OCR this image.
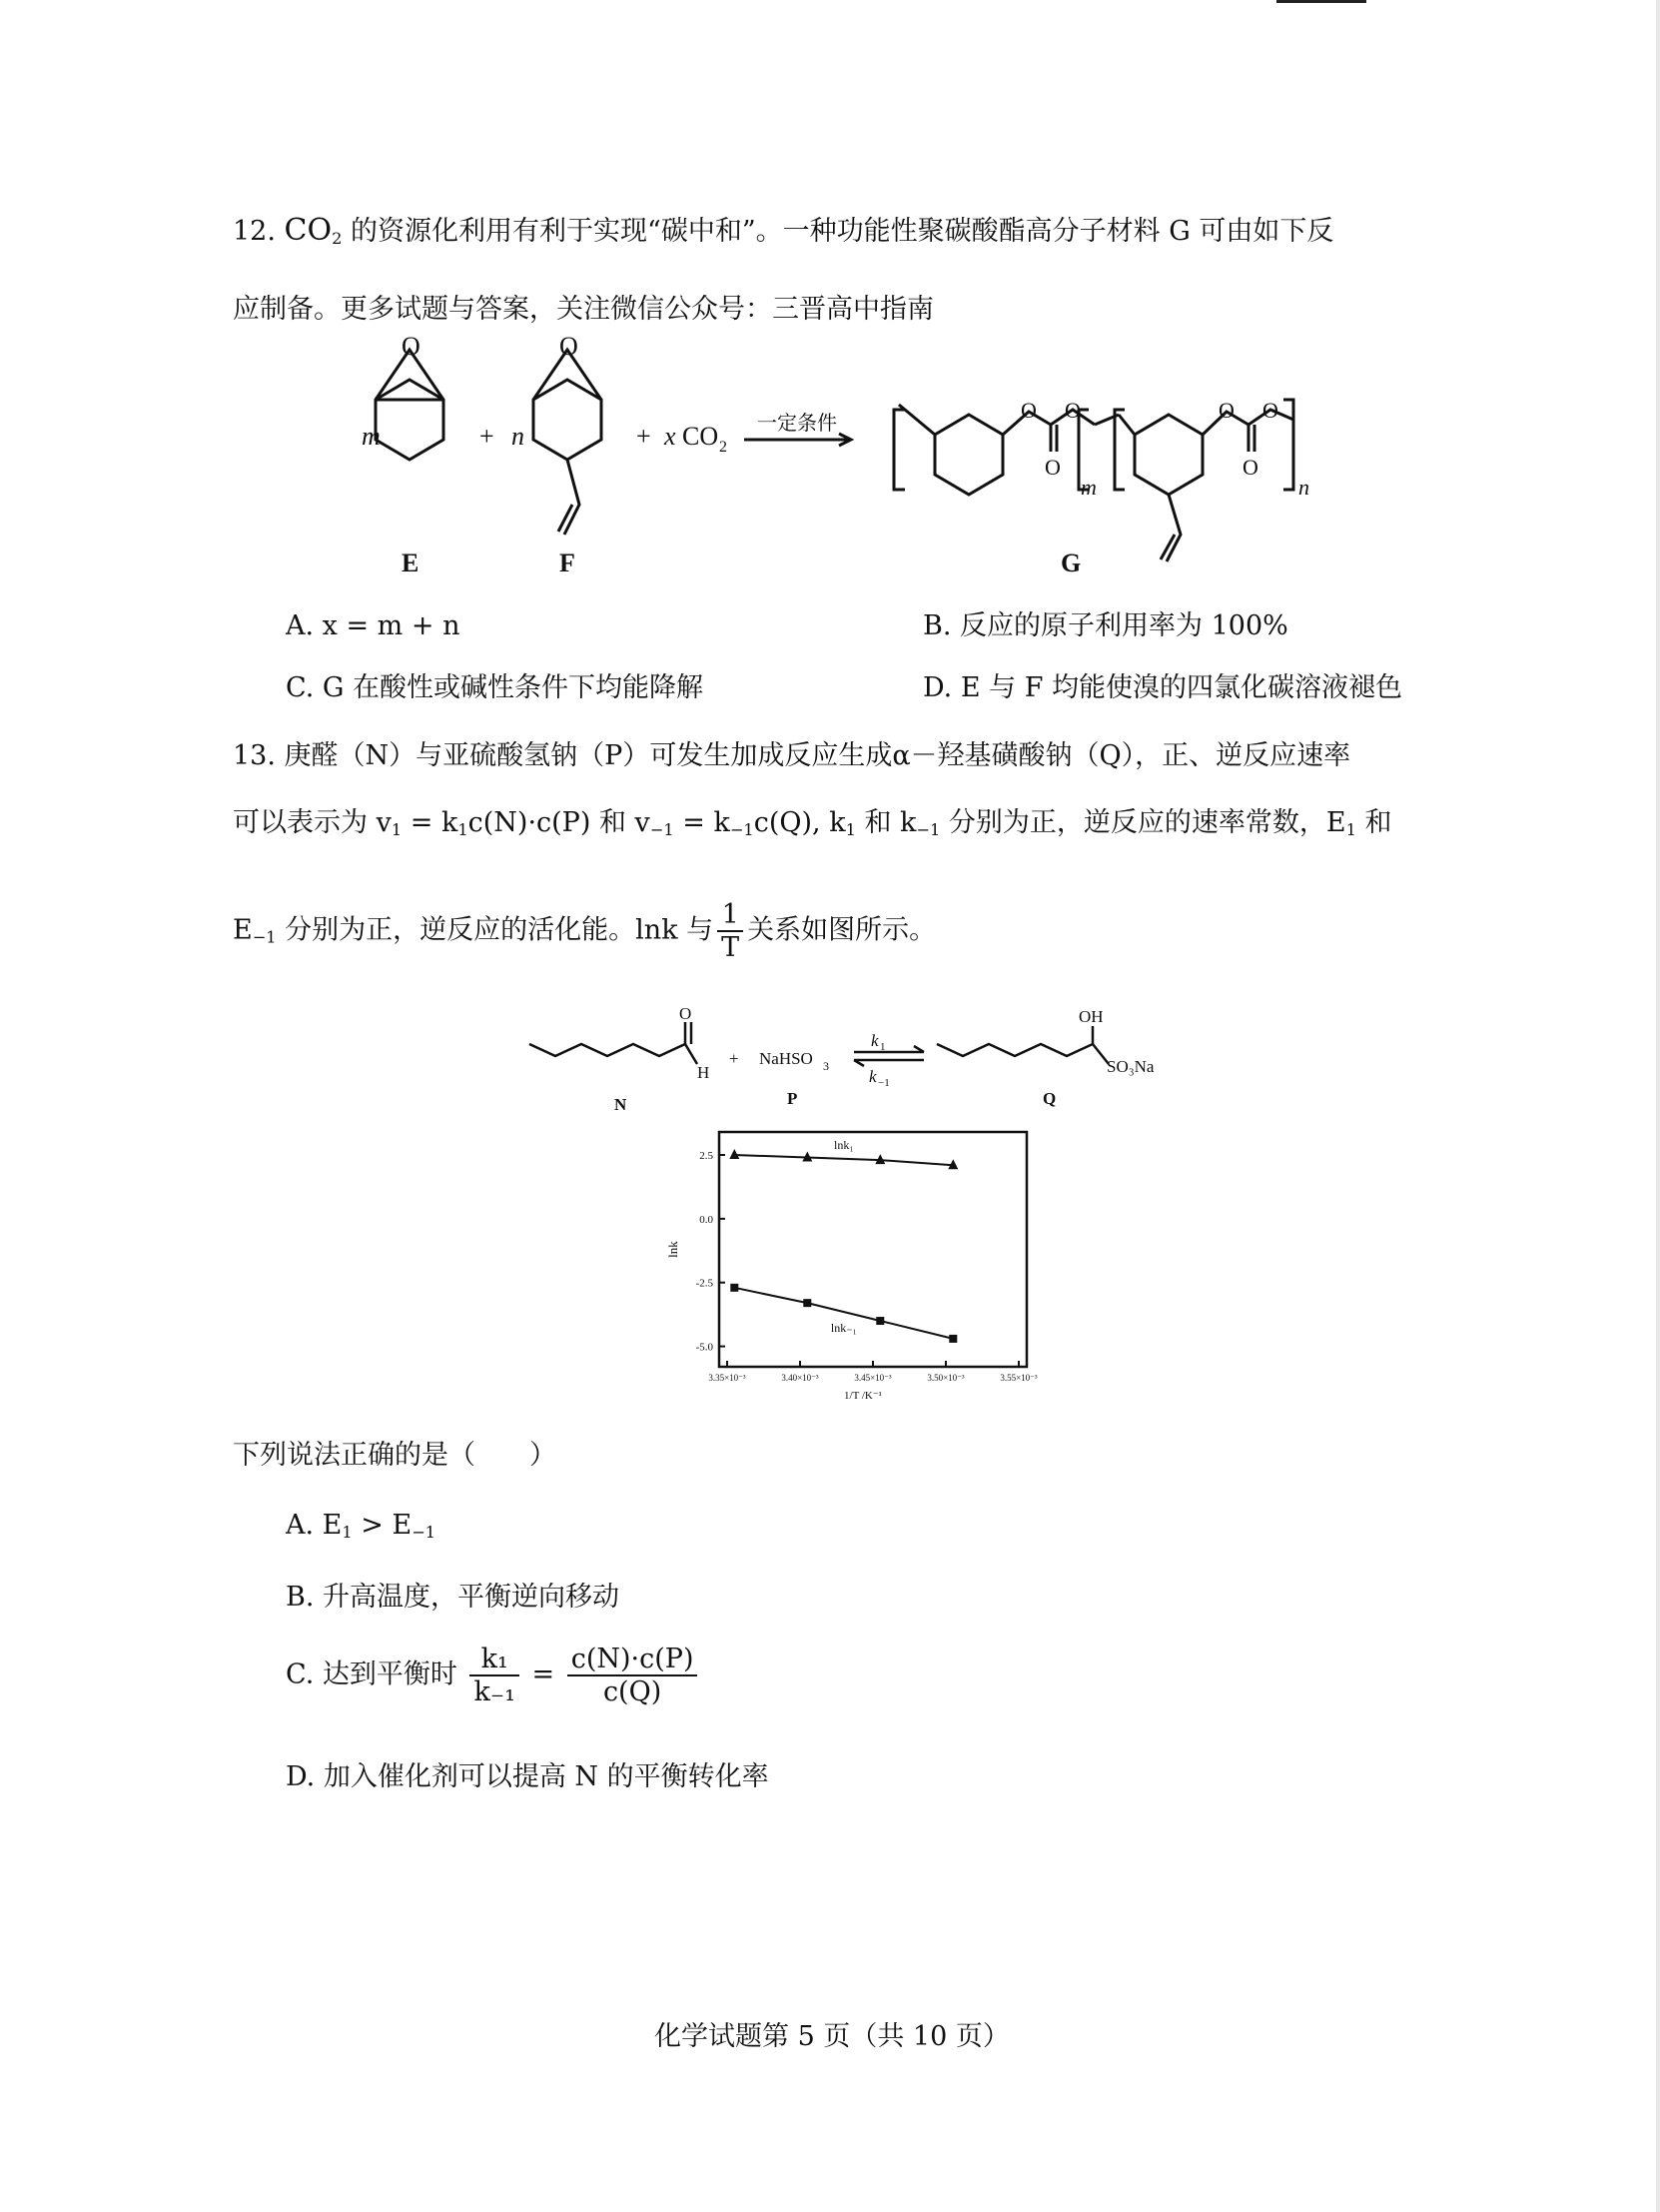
12. $CO_2$ 的资源化利用有利于实现“碳中和”。一种功能性聚碳酸酯高分子材料 G 可由如下反
应制备。更多试题与答案，关注微信公众号：三晋高中指南
m
O
+ n
O
+ x CO 2
一定条件
O
O
O	O
O
O
m	n
E	F	G
A. x = m + n	B. 反应的原子利用率为 100%
C. G 在酸性或碱性条件下均能降解	D. E 与 F 均能使溴的四氯化碳溶液褪色
13. 庚醛（N）与亚硫酸氢钠（P）可发生加成反应生成α－羟基磺酸钠（Q），正、逆反应速率
可以表示为 $v_1 = k_1c(N)\cdot c(P)$ 和 $v_{-1} = k_{-1}c(Q)$, $k_1$ 和 $k_{-1}$ 分别为正，逆反应的速率常数，$E_1$ 和
$E_{-1}$ 分别为正，逆反应的活化能。lnk 与 $\frac{1}{T}$ 关系如图所示。
O
H
+ NaHSO 3
k 1
k −1
OH
SO₃Na
N	P	Q
2.5
0.0
-2.5
-5.0
3.35×10⁻³	3.40×10⁻³	3.45×10⁻³	3.50×10⁻³	3.55×10⁻³
lnk
1/T /K⁻¹
lnk₁
lnk₋₁
下列说法正确的是（　　）
A. $E_1 > E_{-1}$
B. 升高温度，平衡逆向移动
C. 达到平衡时 $\frac{\text{k₁}}{\text{k₋₁}} = \frac{c(N)\cdot c(P)}{c(Q)}$
D. 加入催化剂可以提高 N 的平衡转化率
化学试题第 5 页（共 10 页）
